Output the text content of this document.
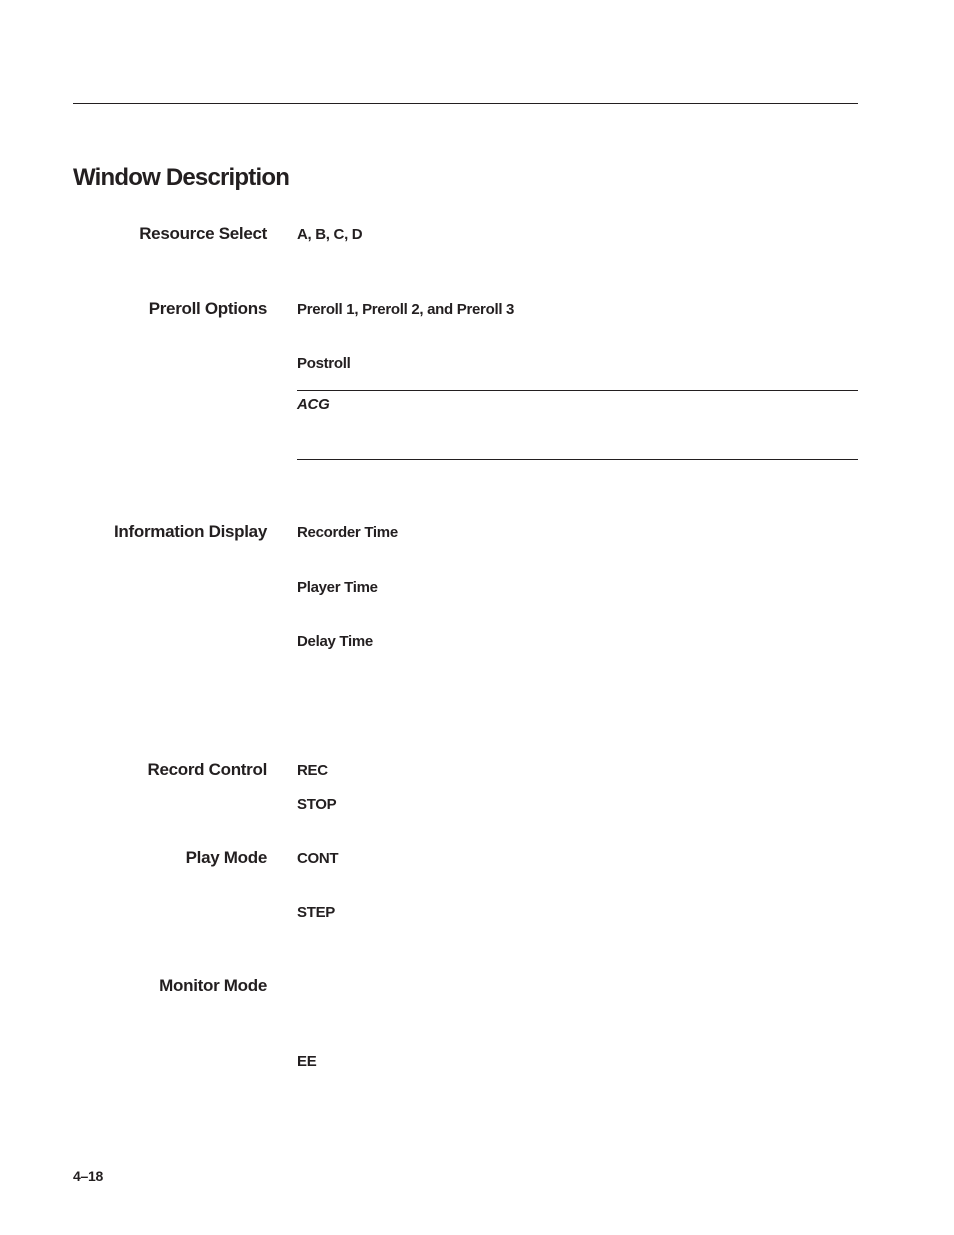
Window Description
Resource Select A, B, C, D
Preroll Options Preroll 1, Preroll 2, and Preroll 3
Postroll
ACG
Information Display Recorder Time
Player Time
Delay Time
Record Control REC
STOP
Play Mode CONT
STEP
Monitor Mode
EE
4–18
